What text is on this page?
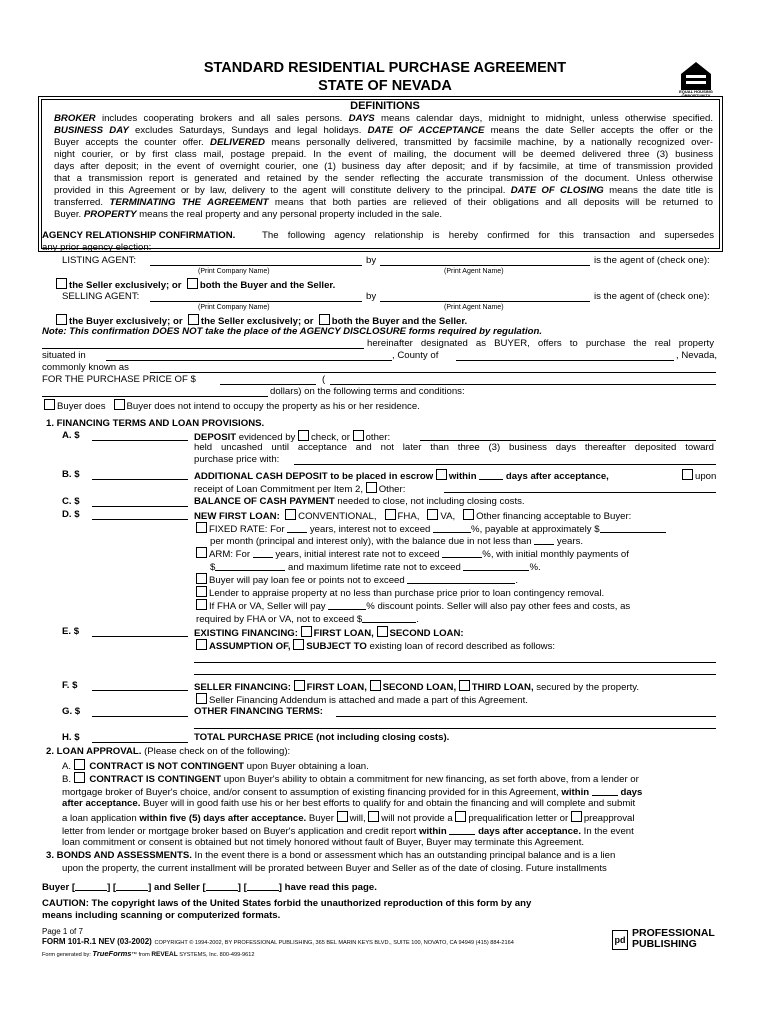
STANDARD RESIDENTIAL PURCHASE AGREEMENT
STATE OF NEVADA	EQUAL HOUSING OPPORTUNITY
DEFINITIONS
BROKER includes cooperating brokers and all sales persons. DAYS means calendar days, midnight to midnight, unless otherwise specified.
BUSINESS DAY excludes Saturdays, Sundays and legal holidays. DATE OF ACCEPTANCE means the date Seller accepts the offer or the
Buyer accepts the counter offer. DELIVERED means personally delivered, transmitted by facsimile machine, by a nationally recognized over-
night courier, or by first class mail, postage prepaid. In the event of mailing, the document will be deemed delivered three (3) business
days after deposit; in the event of overnight courier, one (1) business day after deposit; and if by facsimile, at time of transmission provided
that a transmission report is generated and retained by the sender reflecting the accurate transmission of the document. Unless otherwise
provided in this Agreement or by law, delivery to the agent will constitute delivery to the principal. DATE OF CLOSING means the date title is
transferred. TERMINATING THE AGREEMENT means that both parties are relieved of their obligations and all deposits will be returned to
Buyer. PROPERTY means the real property and any personal property included in the sale.
AGENCY RELATIONSHIP CONFIRMATION.	The following agency relationship is hereby confirmed for this transaction and supersedes
any prior agency election:
LISTING AGENT:	by	is the agent of (check one):
(Print Company Name)	(Print Agent Name)
the Seller exclusively; or both the Buyer and the Seller.
SELLING AGENT:	by	is the agent of (check one):
(Print Company Name)	(Print Agent Name)
the Buyer exclusively; or the Seller exclusively; or both the Buyer and the Seller.
Note: This confirmation DOES NOT take the place of the AGENCY DISCLOSURE forms required by regulation.
hereinafter designated as BUYER, offers to purchase the real property
situated in	, County of	, Nevada,
commonly known as
FOR THE PURCHASE PRICE OF $	(
dollars) on the following terms and conditions:
Buyer does Buyer does not intend to occupy the property as his or her residence.
1. FINANCING TERMS AND LOAN PROVISIONS.
A. $	DEPOSIT evidenced by check, or other:
held uncashed until acceptance and not later than three (3) business days thereafter deposited toward
purchase price with:
B. $	ADDITIONAL CASH DEPOSIT to be placed in escrow within	days after acceptance,	upon
receipt of Loan Commitment per Item 2, Other:
C. $	BALANCE OF CASH PAYMENT needed to close, not including closing costs.
D. $	NEW FIRST LOAN: CONVENTIONAL, FHA, VA, Other financing acceptable to Buyer:
FIXED RATE: For  years, interest not to exceed	%, payable at approximately $
per month (principal and interest only), with the balance due in not less than  years.
ARM: For  years, initial interest rate not to exceed	%, with initial monthly payments of
$	and maximum lifetime rate not to exceed	%.
Buyer will pay loan fee or points not to exceed	.
Lender to appraise property at no less than purchase price prior to loan contingency removal.
If FHA or VA, Seller will pay	% discount points. Seller will also pay other fees and costs, as
required by FHA or VA, not to exceed $	.
E. $	EXISTING FINANCING: FIRST LOAN, SECOND LOAN:
ASSUMPTION OF, SUBJECT TO existing loan of record described as follows:
F. $	SELLER FINANCING: FIRST LOAN, SECOND LOAN, THIRD LOAN, secured by the property.
Seller Financing Addendum is attached and made a part of this Agreement.
G. $	OTHER FINANCING TERMS:
H. $	TOTAL PURCHASE PRICE (not including closing costs).
2. LOAN APPROVAL. (Please check on of the following):
A.  CONTRACT IS NOT CONTINGENT upon Buyer obtaining a loan.
B.  CONTRACT IS CONTINGENT upon Buyer's ability to obtain a commitment for new financing, as set forth above, from a lender or
mortgage broker of Buyer's choice, and/or consent to assumption of existing financing provided for in this Agreement, within	days
after acceptance. Buyer will in good faith use his or her best efforts to qualify for and obtain the financing and will complete and submit
a loan application within five (5) days after acceptance. Buyer will, will not provide a prequalification letter or preapproval
letter from lender or mortgage broker based on Buyer's application and credit report within	days after acceptance. In the event
loan commitment or consent is obtained but not timely honored without fault of Buyer, Buyer may terminate this Agreement.
3. BONDS AND ASSESSMENTS. In the event there is a bond or assessment which has an outstanding principal balance and is a lien
upon the property, the current installment will be prorated between Buyer and Seller as of the date of closing. Future installments
Buyer [	] [	] and Seller [	] [	] have read this page.
CAUTION: The copyright laws of the United States forbid the unauthorized reproduction of this form by any
means including scanning or computerized formats.
Page 1 of 7
FORM 101-R.1 NEV (03-2002) COPYRIGHT © 1994-2002, BY PROFESSIONAL PUBLISHING, 365 BEL MARIN KEYS BLVD., SUITE 100, NOVATO, CA 94949 (415) 884-2164
Form generated by: TrueForms™ from REVEAL SYSTEMS, Inc. 800-499-9612
pd
PROFESSIONAL
PUBLISHING
